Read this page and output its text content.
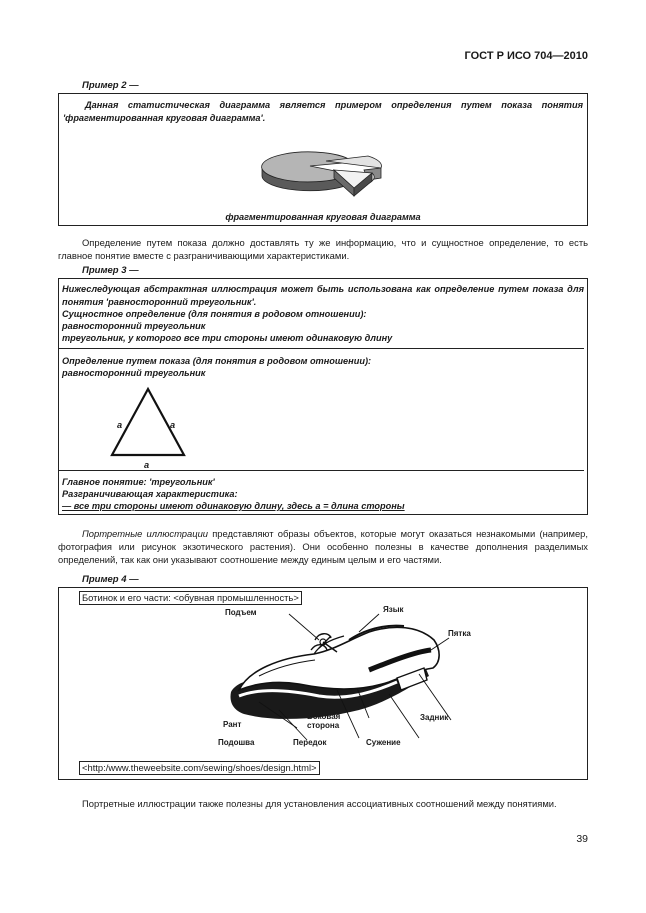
ГОСТ Р ИСО 704—2010
Пример 2 —
Данная статистическая диаграмма является примером определения путем показа понятия 'фрагментированная круговая диаграмма'.
фрагментированная круговая диаграмма
Определение путем показа должно доставлять ту же информацию, что и сущностное определение, то есть главное понятие вместе с разграничивающими характеристиками.
Пример 3 —
Нижеследующая абстрактная иллюстрация может быть использована как определение путем показа для понятия 'равносторонний треугольник'.
Сущностное определение (для понятия в родовом отношении):
равносторонний треугольник
треугольник, у которого все три стороны имеют одинаковую длину
Определение путем показа (для понятия в родовом отношении):
равносторонний треугольник
a	a
a
Главное понятие: 'треугольник'
Разграничивающая характеристика:
— все три стороны имеют одинаковую длину, здесь a = длина стороны
Портретные иллюстрации представляют образы объектов, которые могут оказаться незнакомыми (например, фотография или рисунок экзотического растения). Они особенно полезны в качестве дополнения разделимых определений, так как они указывают соотношение между единым целым и его частями.
Пример 4 —
Ботинок и его части: <обувная промышленность>
Подъем	Язык
Пятка
Рант
Подошва	Передок
Боковая
сторона
Сужение
Задник
<http:/www.theweebsite.com/sewing/shoes/design.html>
Портретные иллюстрации также полезны для установления ассоциативных соотношений между понятиями.
39
